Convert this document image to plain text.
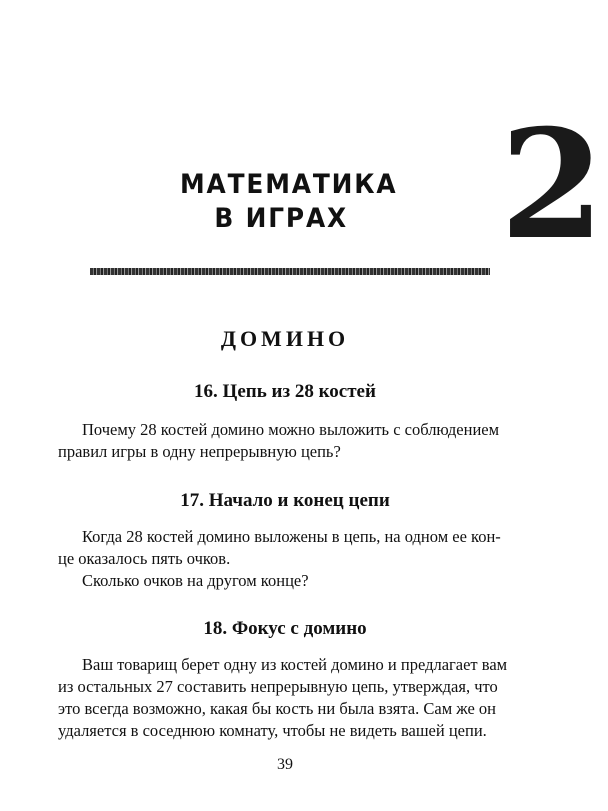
МАТЕМАТИКА
В ИГРАХ 2
ДОМИНО
16. Цепь из 28 костей
Почему 28 костей домино можно выложить с соблюдением
правил игры в одну непрерывную цепь?
17. Начало и конец цепи
Когда 28 костей домино выложены в цепь, на одном ее кон-
це оказалось пять очков.
Сколько очков на другом конце?
18. Фокус с домино
Ваш товарищ берет одну из костей домино и предлагает вам
из остальных 27 составить непрерывную цепь, утверждая, что
это всегда возможно, какая бы кость ни была взята. Сам же он
удаляется в соседнюю комнату, чтобы не видеть вашей цепи.
39
